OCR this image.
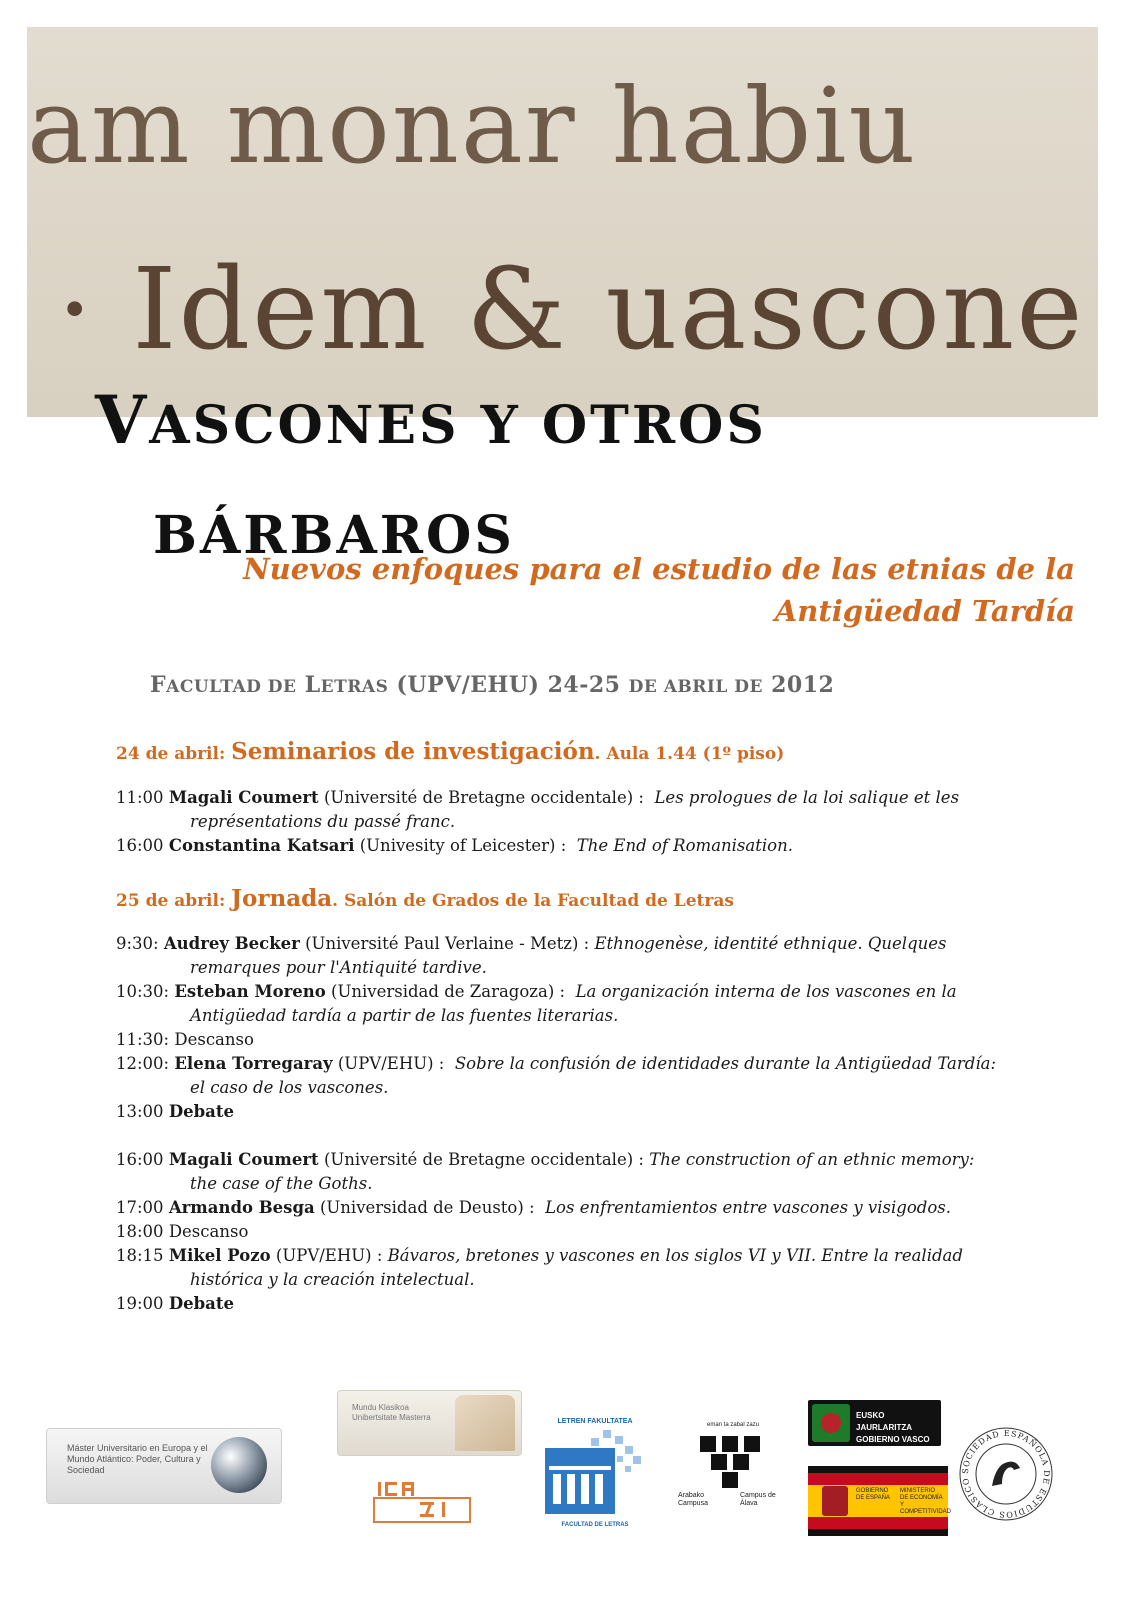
am monar habiu
· Idem & uascone
VASCONES Y OTROS
BÁRBAROS
Nuevos enfoques para el estudio de las etnias de la
Antigüedad Tardía
FACULTAD DE LETRAS (UPV/EHU) 24-25 DE ABRIL DE 2012
24 de abril: Seminarios de investigación. Aula 1.44 (1º piso)
11:00 Magali Coumert (Université de Bretagne occidentale) : Les prologues de la loi salique et les représentations du passé franc.
16:00 Constantina Katsari (Univesity of Leicester) : The End of Romanisation.
25 de abril: Jornada. Salón de Grados de la Facultad de Letras
9:30: Audrey Becker (Université Paul Verlaine - Metz) : Ethnogenèse, identité ethnique. Quelques remarques pour l'Antiquité tardive.
10:30: Esteban Moreno (Universidad de Zaragoza) : La organización interna de los vascones en la Antigüedad tardía a partir de las fuentes literarias.
11:30: Descanso
12:00: Elena Torregaray (UPV/EHU) : Sobre la confusión de identidades durante la Antigüedad Tardía: el caso de los vascones.
13:00 Debate
16:00 Magali Coumert (Université de Bretagne occidentale) : The construction of an ethnic memory: the case of the Goths.
17:00 Armando Besga (Universidad de Deusto) : Los enfrentamientos entre vascones y visigodos.
18:00 Descanso
18:15 Mikel Pozo (UPV/EHU) : Bávaros, bretones y vascones en los siglos VI y VII. Entre la realidad histórica y la creación intelectual.
19:00 Debate
Máster Universitario en Europa y el Mundo Atlántico: Poder, Cultura y Sociedad
Mundu Klasikoa
Unibertsitate Masterra	LETREN FAKULTATEA
FACULTAD DE LETRAS
eman ta zabal zazu
Arabako
Campusa
Campus de
Álava
EUSKO JAURLARITZA
GOBIERNO VASCO
GOBIERNO
DE ESPAÑA
MINISTERIO
DE ECONOMÍA
Y COMPETITIVIDAD
SOCIEDAD ESPAÑOLA DE ESTUDIOS CLÁSICO
